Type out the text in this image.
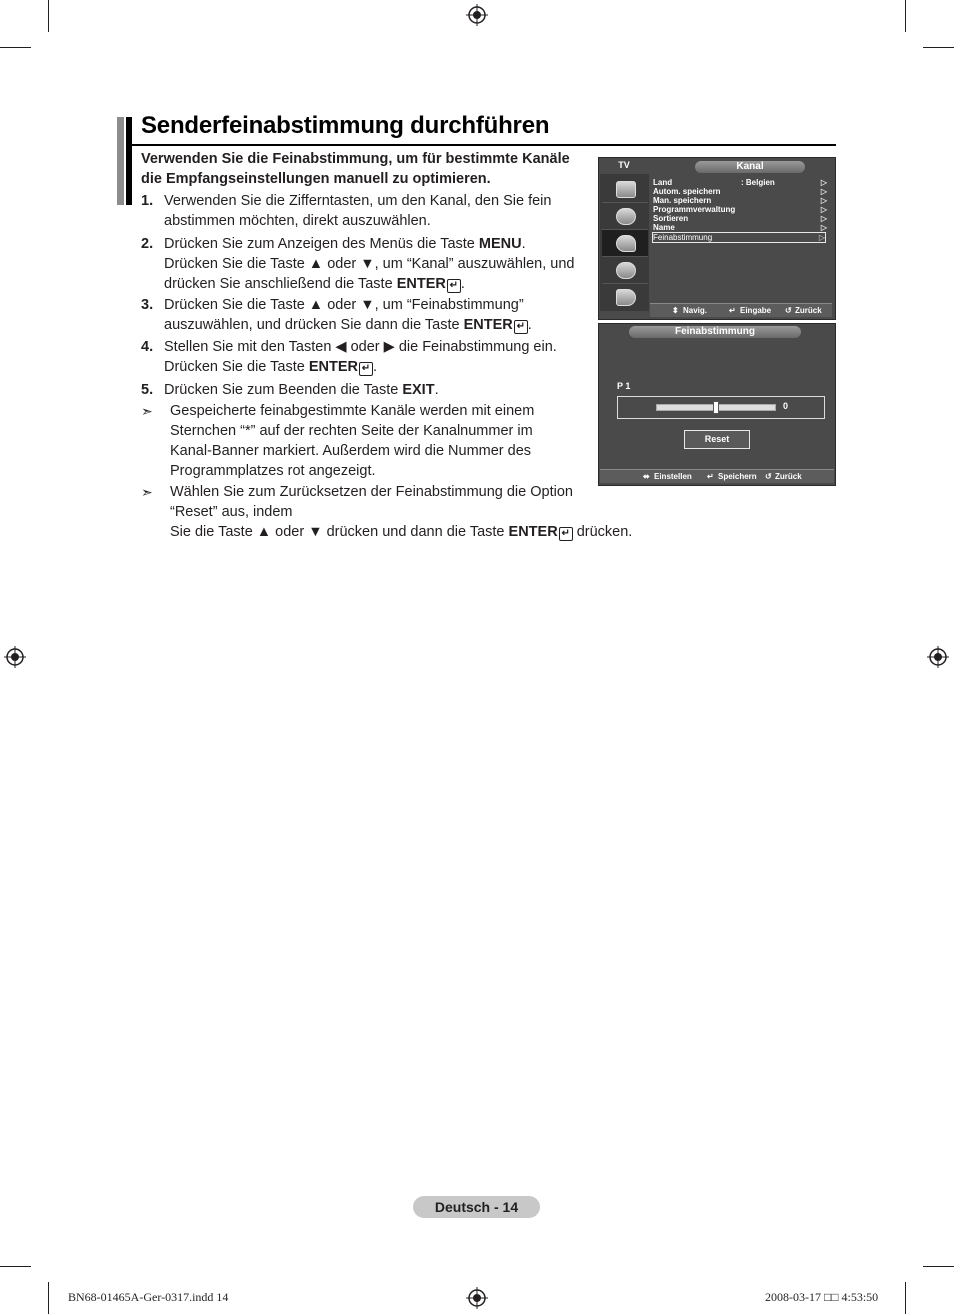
Senderfeinabstimmung durchführen
Verwenden Sie die Feinabstimmung, um für bestimmte Kanäle
die Empfangseinstellungen manuell zu optimieren.
1. Verwenden Sie die Zifferntasten, um den Kanal, den Sie fein
abstimmen möchten, direkt auszuwählen.
2. Drücken Sie zum Anzeigen des Menüs die Taste MENU.
Drücken Sie die Taste ▲ oder ▼, um “Kanal” auszuwählen, und
drücken Sie anschließend die Taste ENTER ↵ .
3. Drücken Sie die Taste ▲ oder ▼, um “Feinabstimmung”
auszuwählen, und drücken Sie dann die Taste ENTER ↵ .
4. Stellen Sie mit den Tasten ◀ oder ▶ die Feinabstimmung ein.
Drücken Sie die Taste ENTER ↵ .
5. Drücken Sie zum Beenden die Taste EXIT.
➣ Gespeicherte feinabgestimmte Kanäle werden mit einem
Sternchen “*” auf der rechten Seite der Kanalnummer im
Kanal-Banner markiert. Außerdem wird die Nummer des
Programmplatzes rot angezeigt.
➣ Wählen Sie zum Zurücksetzen der Feinabstimmung die Option
“Reset” aus, indem
Sie die Taste ▲ oder ▼ drücken und dann die Taste ENTER ↵ drücken.
TV	Kanal
Land	: Belgien	▷
Autom. speichern	▷
Man. speichern	▷
Programmverwaltung	▷
Sortieren	▷
Name	▷
Feinabstimmung	▷
⬍ Navig.	↵ Eingabe ↺ Zurück
Feinabstimmung
P 1
0
Reset
⬌ Einstellen ↵ Speichern ↺ Zurück
Deutsch - 14
BN68-01465A-Ger-0317.indd 14	2008-03-17 □□ 4:53:50
